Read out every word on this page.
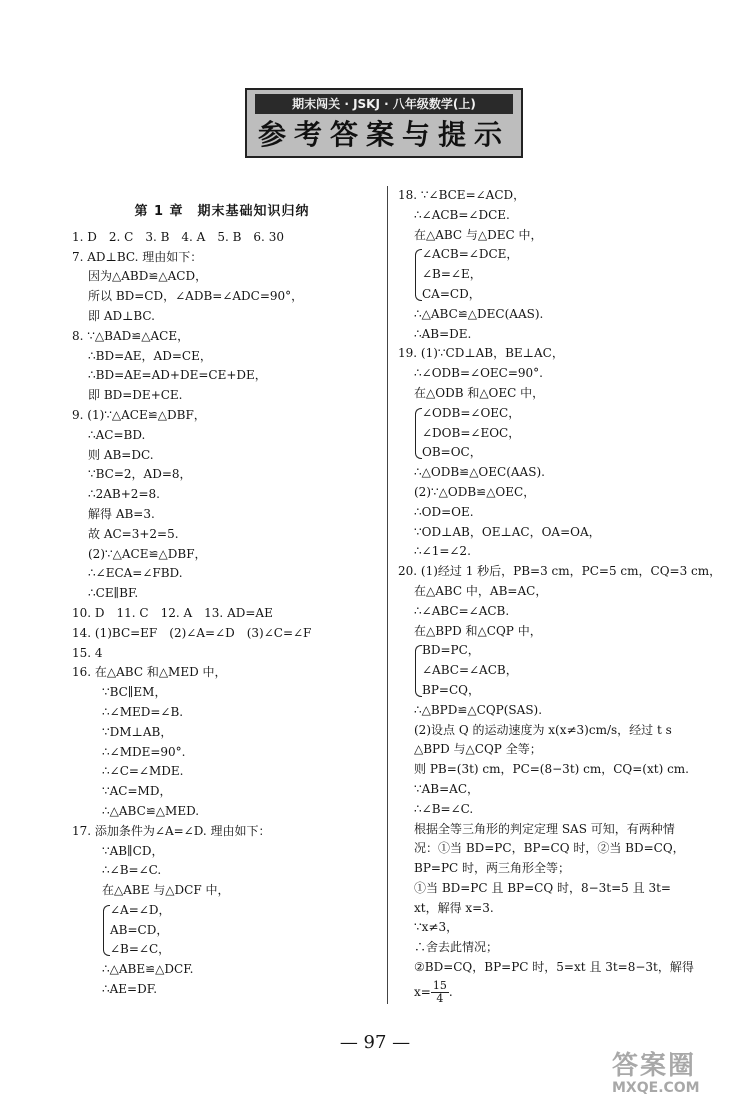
期末闯关 · JSKJ · 八年级数学(上)
参考答案与提示
第 1 章　期末基础知识归纳
1. D　2. C　3. B　4. A　5. B　6. 30
7. AD⊥BC. 理由如下：
因为△ABD≌△ACD，
所以 BD=CD，∠ADB=∠ADC=90°，
即 AD⊥BC.
8. ∵△BAD≌△ACE，
∴BD=AE，AD=CE，
∴BD=AE=AD+DE=CE+DE，
即 BD=DE+CE.
9. (1)∵△ACE≌△DBF，
∴AC=BD.
则 AB=DC.
∵BC=2，AD=8，
∴2AB+2=8.
解得 AB=3.
故 AC=3+2=5.
(2)∵△ACE≌△DBF，
∴∠ECA=∠FBD.
∴CE∥BF.
10. D　11. C　12. A　13. AD=AE
14. (1)BC=EF　(2)∠A=∠D　(3)∠C=∠F
15. 4
16. 在△ABC 和△MED 中，
∵BC∥EM，
∴∠MED=∠B.
∵DM⊥AB，
∴∠MDE=90°.
∴∠C=∠MDE.
∵AC=MD，
∴△ABC≌△MED.
17. 添加条件为∠A=∠D. 理由如下：
∵AB∥CD，
∴∠B=∠C.
在△ABE 与△DCF 中，
∠A=∠D，
AB=CD，
∠B=∠C，
∴△ABE≌△DCF.
∴AE=DF.
18. ∵∠BCE=∠ACD，
∴∠ACB=∠DCE.
在△ABC 与△DEC 中，
∠ACB=∠DCE，
∠B=∠E，
CA=CD，
∴△ABC≌△DEC(AAS).
∴AB=DE.
19. (1)∵CD⊥AB，BE⊥AC，
∴∠ODB=∠OEC=90°.
在△ODB 和△OEC 中，
∠ODB=∠OEC，
∠DOB=∠EOC，
OB=OC，
∴△ODB≌△OEC(AAS).
(2)∵△ODB≌△OEC，
∴OD=OE.
∵OD⊥AB，OE⊥AC，OA=OA，
∴∠1=∠2.
20. (1)经过 1 秒后，PB=3 cm，PC=5 cm，CQ=3 cm，
在△ABC 中，AB=AC，
∴∠ABC=∠ACB.
在△BPD 和△CQP 中，
BD=PC，
∠ABC=∠ACB，
BP=CQ，
∴△BPD≌△CQP(SAS).
(2)设点 Q 的运动速度为 x(x≠3)cm/s，经过 t s
△BPD 与△CQP 全等；
则 PB=(3t) cm，PC=(8−3t) cm，CQ=(xt) cm.
∵AB=AC，
∴∠B=∠C.
根据全等三角形的判定定理 SAS 可知，有两种情
况：①当 BD=PC，BP=CQ 时，②当 BD=CQ，
BP=PC 时，两三角形全等；
①当 BD=PC 且 BP=CQ 时，8−3t=5 且 3t=
xt，解得 x=3.
∵x≠3，
∴舍去此情况；
②BD=CQ，BP=PC 时，5=xt 且 3t=8−3t，解得
$x= \frac{15}{4}$ .
— 97 —
答案圈
MXQE.COM
